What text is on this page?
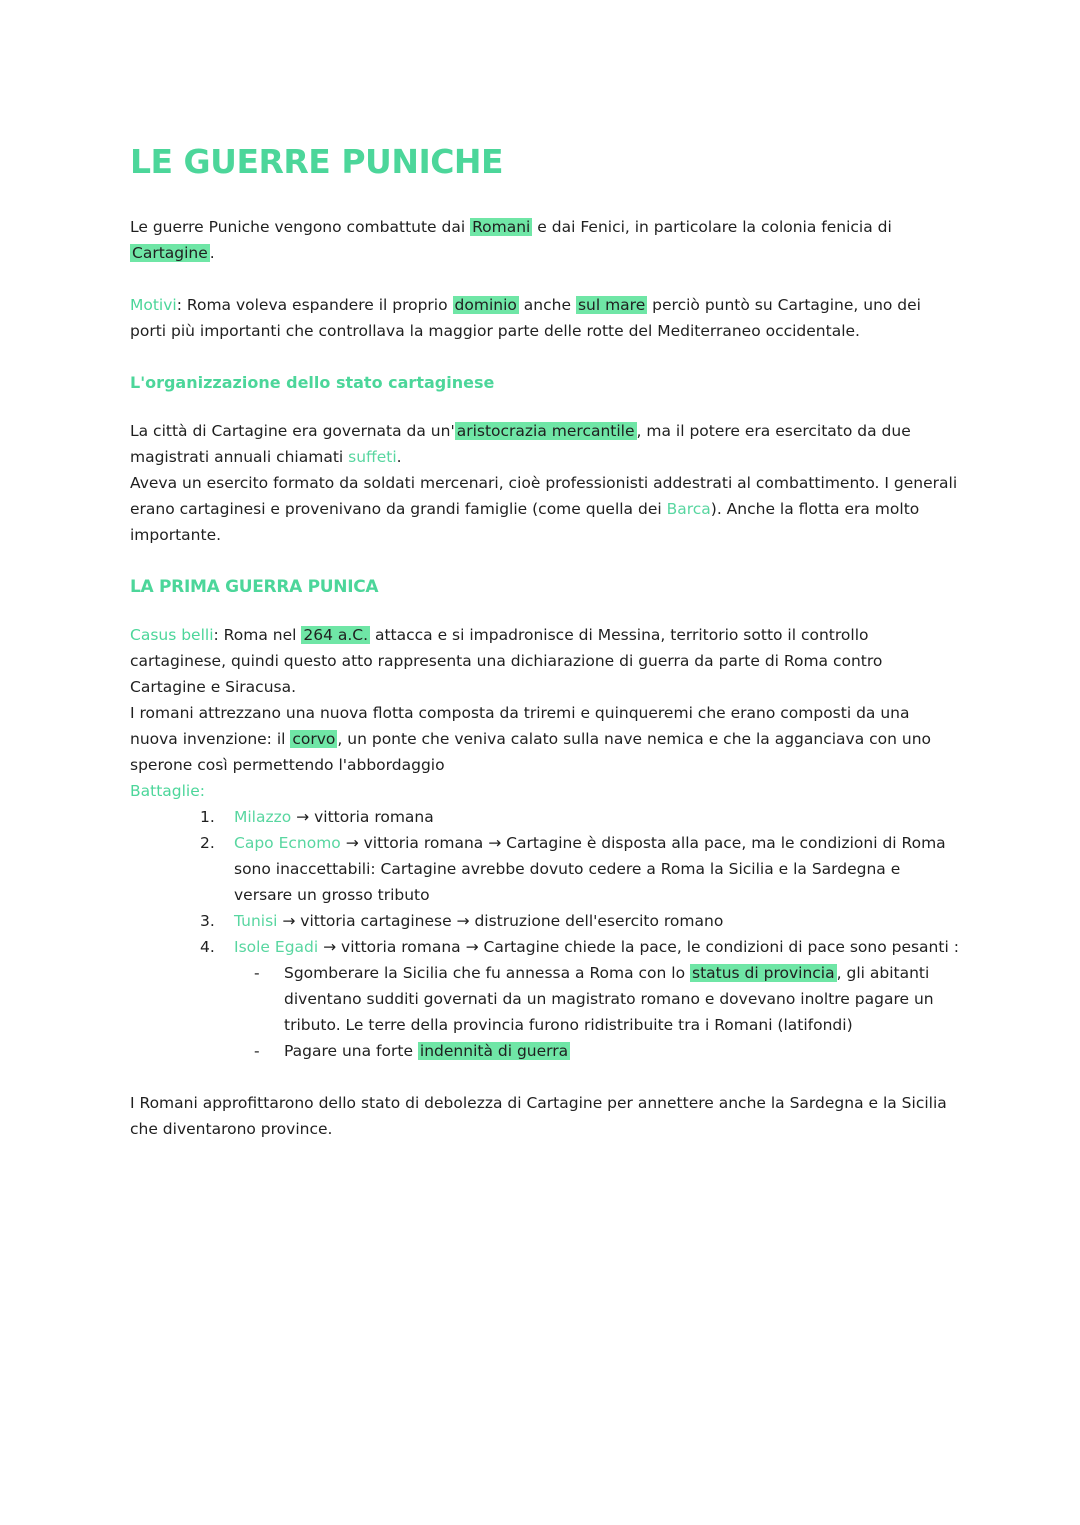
LE GUERRE PUNICHE

Le guerre Puniche vengono combattute dai Romani e dai Fenici, in particolare la colonia fenicia di Cartagine .

Motivi: Roma voleva espandere il proprio dominio anche sul mare perciò puntò su Cartagine, uno dei porti più importanti che controllava la maggior parte delle rotte del Mediterraneo occidentale.

L'organizzazione dello stato cartaginese

La città di Cartagine era governata da un' aristocrazia mercantile , ma il potere era esercitato da due magistrati annuali chiamati suffeti.
Aveva un esercito formato da soldati mercenari, cioè professionisti addestrati al combattimento. I generali erano cartaginesi e provenivano da grandi famiglie (come quella dei Barca). Anche la flotta era molto importante.

LA PRIMA GUERRA PUNICA

Casus belli: Roma nel 264 a.C. attacca e si impadronisce di Messina, territorio sotto il controllo cartaginese, quindi questo atto rappresenta una dichiarazione di guerra da parte di Roma contro Cartagine e Siracusa.
I romani attrezzano una nuova flotta composta da triremi e quinqueremi che erano composti da una nuova invenzione: il corvo , un ponte che veniva calato sulla nave nemica e che la agganciava con uno sperone così permettendo l'abbordaggio

Battaglie:

1. Milazzo → vittoria romana
2. Capo Ecnomo → vittoria romana → Cartagine è disposta alla pace, ma le condizioni di Roma sono inaccettabili: Cartagine avrebbe dovuto cedere a Roma la Sicilia e la Sardegna e versare un grosso tributo
3. Tunisi → vittoria cartaginese → distruzione dell'esercito romano
4. Isole Egadi → vittoria romana → Cartagine chiede la pace, le condizioni di pace sono pesanti :
- Sgomberare la Sicilia che fu annessa a Roma con lo status di provincia , gli abitanti diventano sudditi governati da un magistrato romano e dovevano inoltre pagare un tributo. Le terre della provincia furono ridistribuite tra i Romani (latifondi)
- Pagare una forte indennità di guerra

I Romani approfittarono dello stato di debolezza di Cartagine per annettere anche la Sardegna e la Sicilia che diventarono province.
